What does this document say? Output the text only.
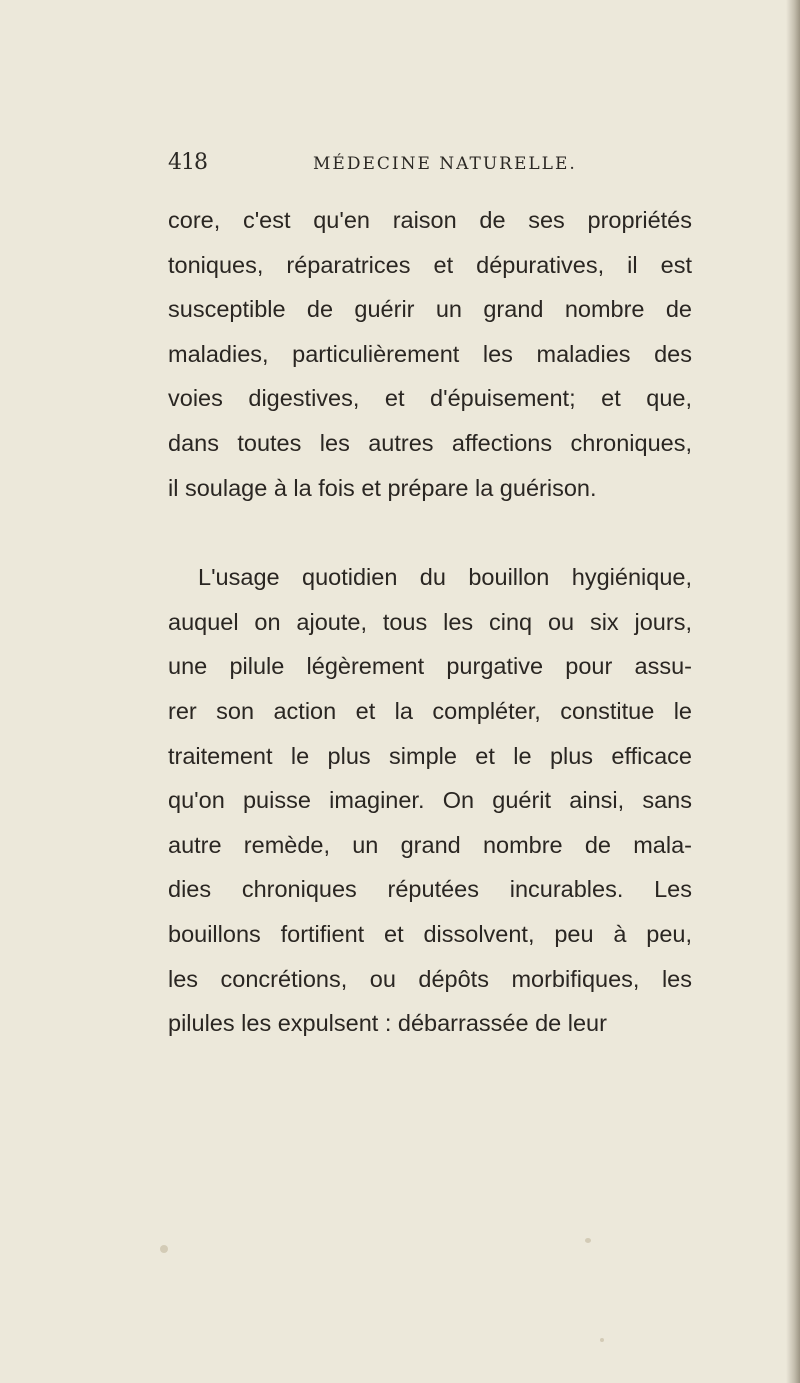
418	MÉDECINE NATURELLE.

core, c'est qu'en raison de ses propriétés
toniques, réparatrices et dépuratives, il est
susceptible de guérir un grand nombre de
maladies, particulièrement les maladies des
voies digestives, et d'épuisement; et que,
dans toutes les autres affections chroniques,
il soulage à la fois et prépare la guérison.

L'usage quotidien du bouillon hygiénique,
auquel on ajoute, tous les cinq ou six jours,
une pilule légèrement purgative pour assu-
rer son action et la compléter, constitue le
traitement le plus simple et le plus efficace
qu'on puisse imaginer. On guérit ainsi, sans
autre remède, un grand nombre de mala-
dies chroniques réputées incurables. Les
bouillons fortifient et dissolvent, peu à peu,
les concrétions, ou dépôts morbifiques, les
pilules les expulsent : débarrassée de leur
